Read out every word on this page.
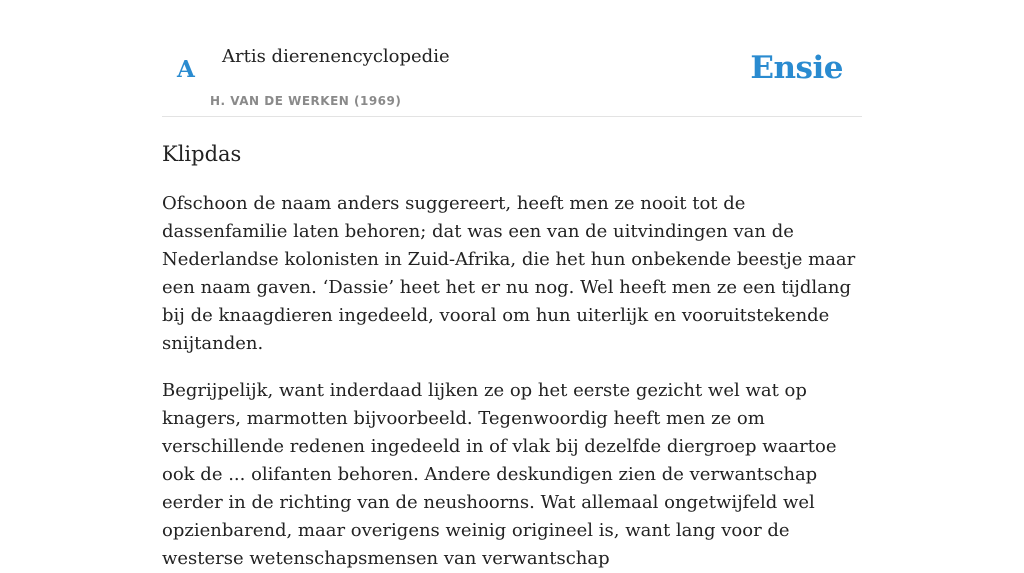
A Artis dierenencyclopedie
H. VAN DE WERKEN (1969)
Ensie
Klipdas

Ofschoon de naam anders suggereert, heeft men ze nooit tot de dassenfamilie laten behoren; dat was een van de uitvindingen van de Nederlandse kolonisten in Zuid-Afrika, die het hun onbekende beestje maar een naam gaven. ‘Dassie’ heet het er nu nog. Wel heeft men ze een tijdlang bij de knaagdieren ingedeeld, vooral om hun uiterlijk en vooruitstekende snijtanden.

Begrijpelijk, want inderdaad lijken ze op het eerste gezicht wel wat op knagers, marmotten bijvoorbeeld. Tegenwoordig heeft men ze om verschillende redenen ingedeeld in of vlak bij dezelfde diergroep waartoe ook de ... olifanten behoren. Andere deskundigen zien de verwantschap eerder in de richting van de neushoorns. Wat allemaal ongetwijfeld wel opzienbarend, maar overigens weinig origineel is, want lang voor de westerse wetenschapsmensen van verwantschap
